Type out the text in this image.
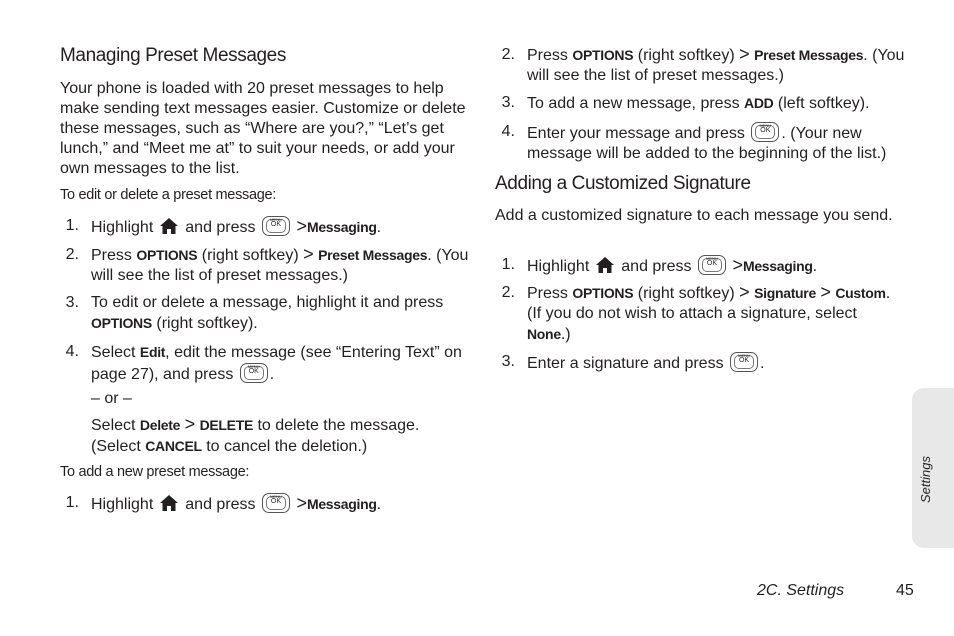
Managing Preset Messages

Your phone is loaded with 20 preset messages to help make sending text messages easier. Customize or delete these messages, such as “Where are you?,” “Let’s get lunch,” and “Meet me at” to suit your needs, or add your own messages to the list.

To edit or delete a preset message:
1. Highlight and press	MENU
OK >Messaging.
2. Press OPTIONS (right softkey) > Preset Messages. (You will see the list of preset messages.)
3. To edit or delete a message, highlight it and press OPTIONS (right softkey).
4. Select Edit, edit the message (see “Entering Text” on page 27), and press	MENU
OK .
– or –
Select Delete > DELETE to delete the message. (Select CANCEL to cancel the deletion.)
To add a new preset message:
1. Highlight and press	MENU
OK >Messaging.
2. Press OPTIONS (right softkey) > Preset Messages. (You will see the list of preset messages.)
3. To add a new message, press ADD (left softkey).
4. Enter your message and press	MENU
OK . (Your new message will be added to the beginning of the list.)
Adding a Customized Signature

Add a customized signature to each message you send.

1. Highlight and press	MENU
OK >Messaging.
2. Press OPTIONS (right softkey) > Signature > Custom. (If you do not wish to attach a signature, select None.)
3. Enter a signature and press	MENU
OK .
Settings
2C. Settings	45
